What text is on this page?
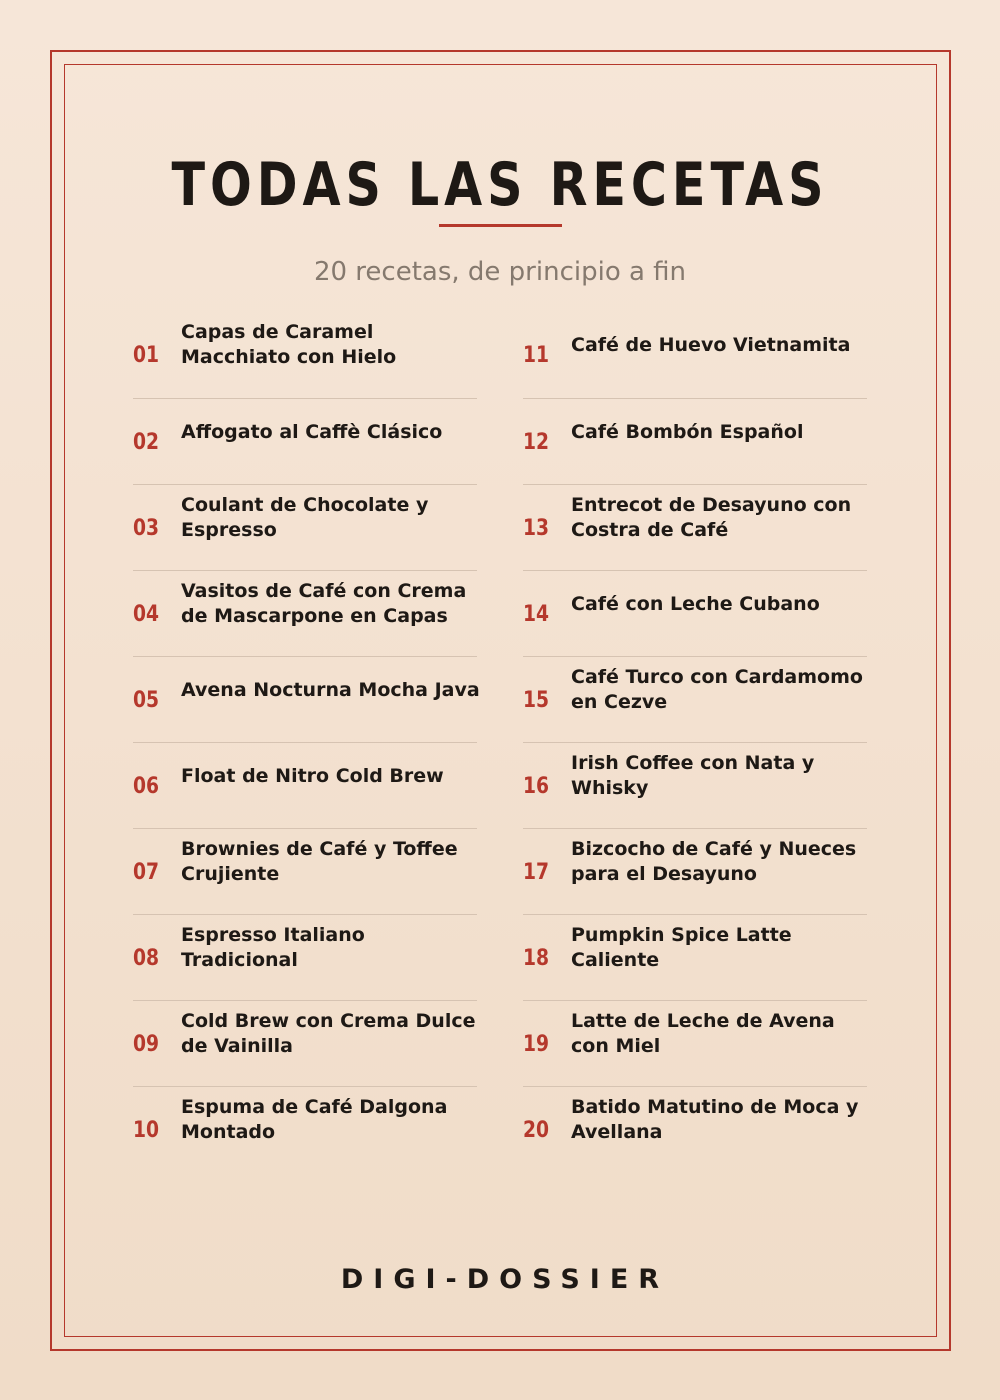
TODAS LAS RECETAS
20 recetas, de principio a fin
01
Capas de Caramel Macchiato con Hielo
02 Affogato al Caffè Clásico
03
Coulant de Chocolate y Espresso
04
Vasitos de Café con Crema de Mascarpone en Capas
05 Avena Nocturna Mocha Java
06 Float de Nitro Cold Brew
07
Brownies de Café y Toffee Crujiente
08
Espresso Italiano Tradicional
09
Cold Brew con Crema Dulce de Vainilla
10
Espuma de Café Dalgona Montado
11 Café de Huevo Vietnamita
12 Café Bombón Español
13
Entrecot de Desayuno con Costra de Café
14 Café con Leche Cubano
15
Café Turco con Cardamomo en Cezve
16
Irish Coffee con Nata y Whisky
17
Bizcocho de Café y Nueces para el Desayuno
18
Pumpkin Spice Latte Caliente
19
Latte de Leche de Avena con Miel
20
Batido Matutino de Moca y Avellana
DIGI-DOSSIER
